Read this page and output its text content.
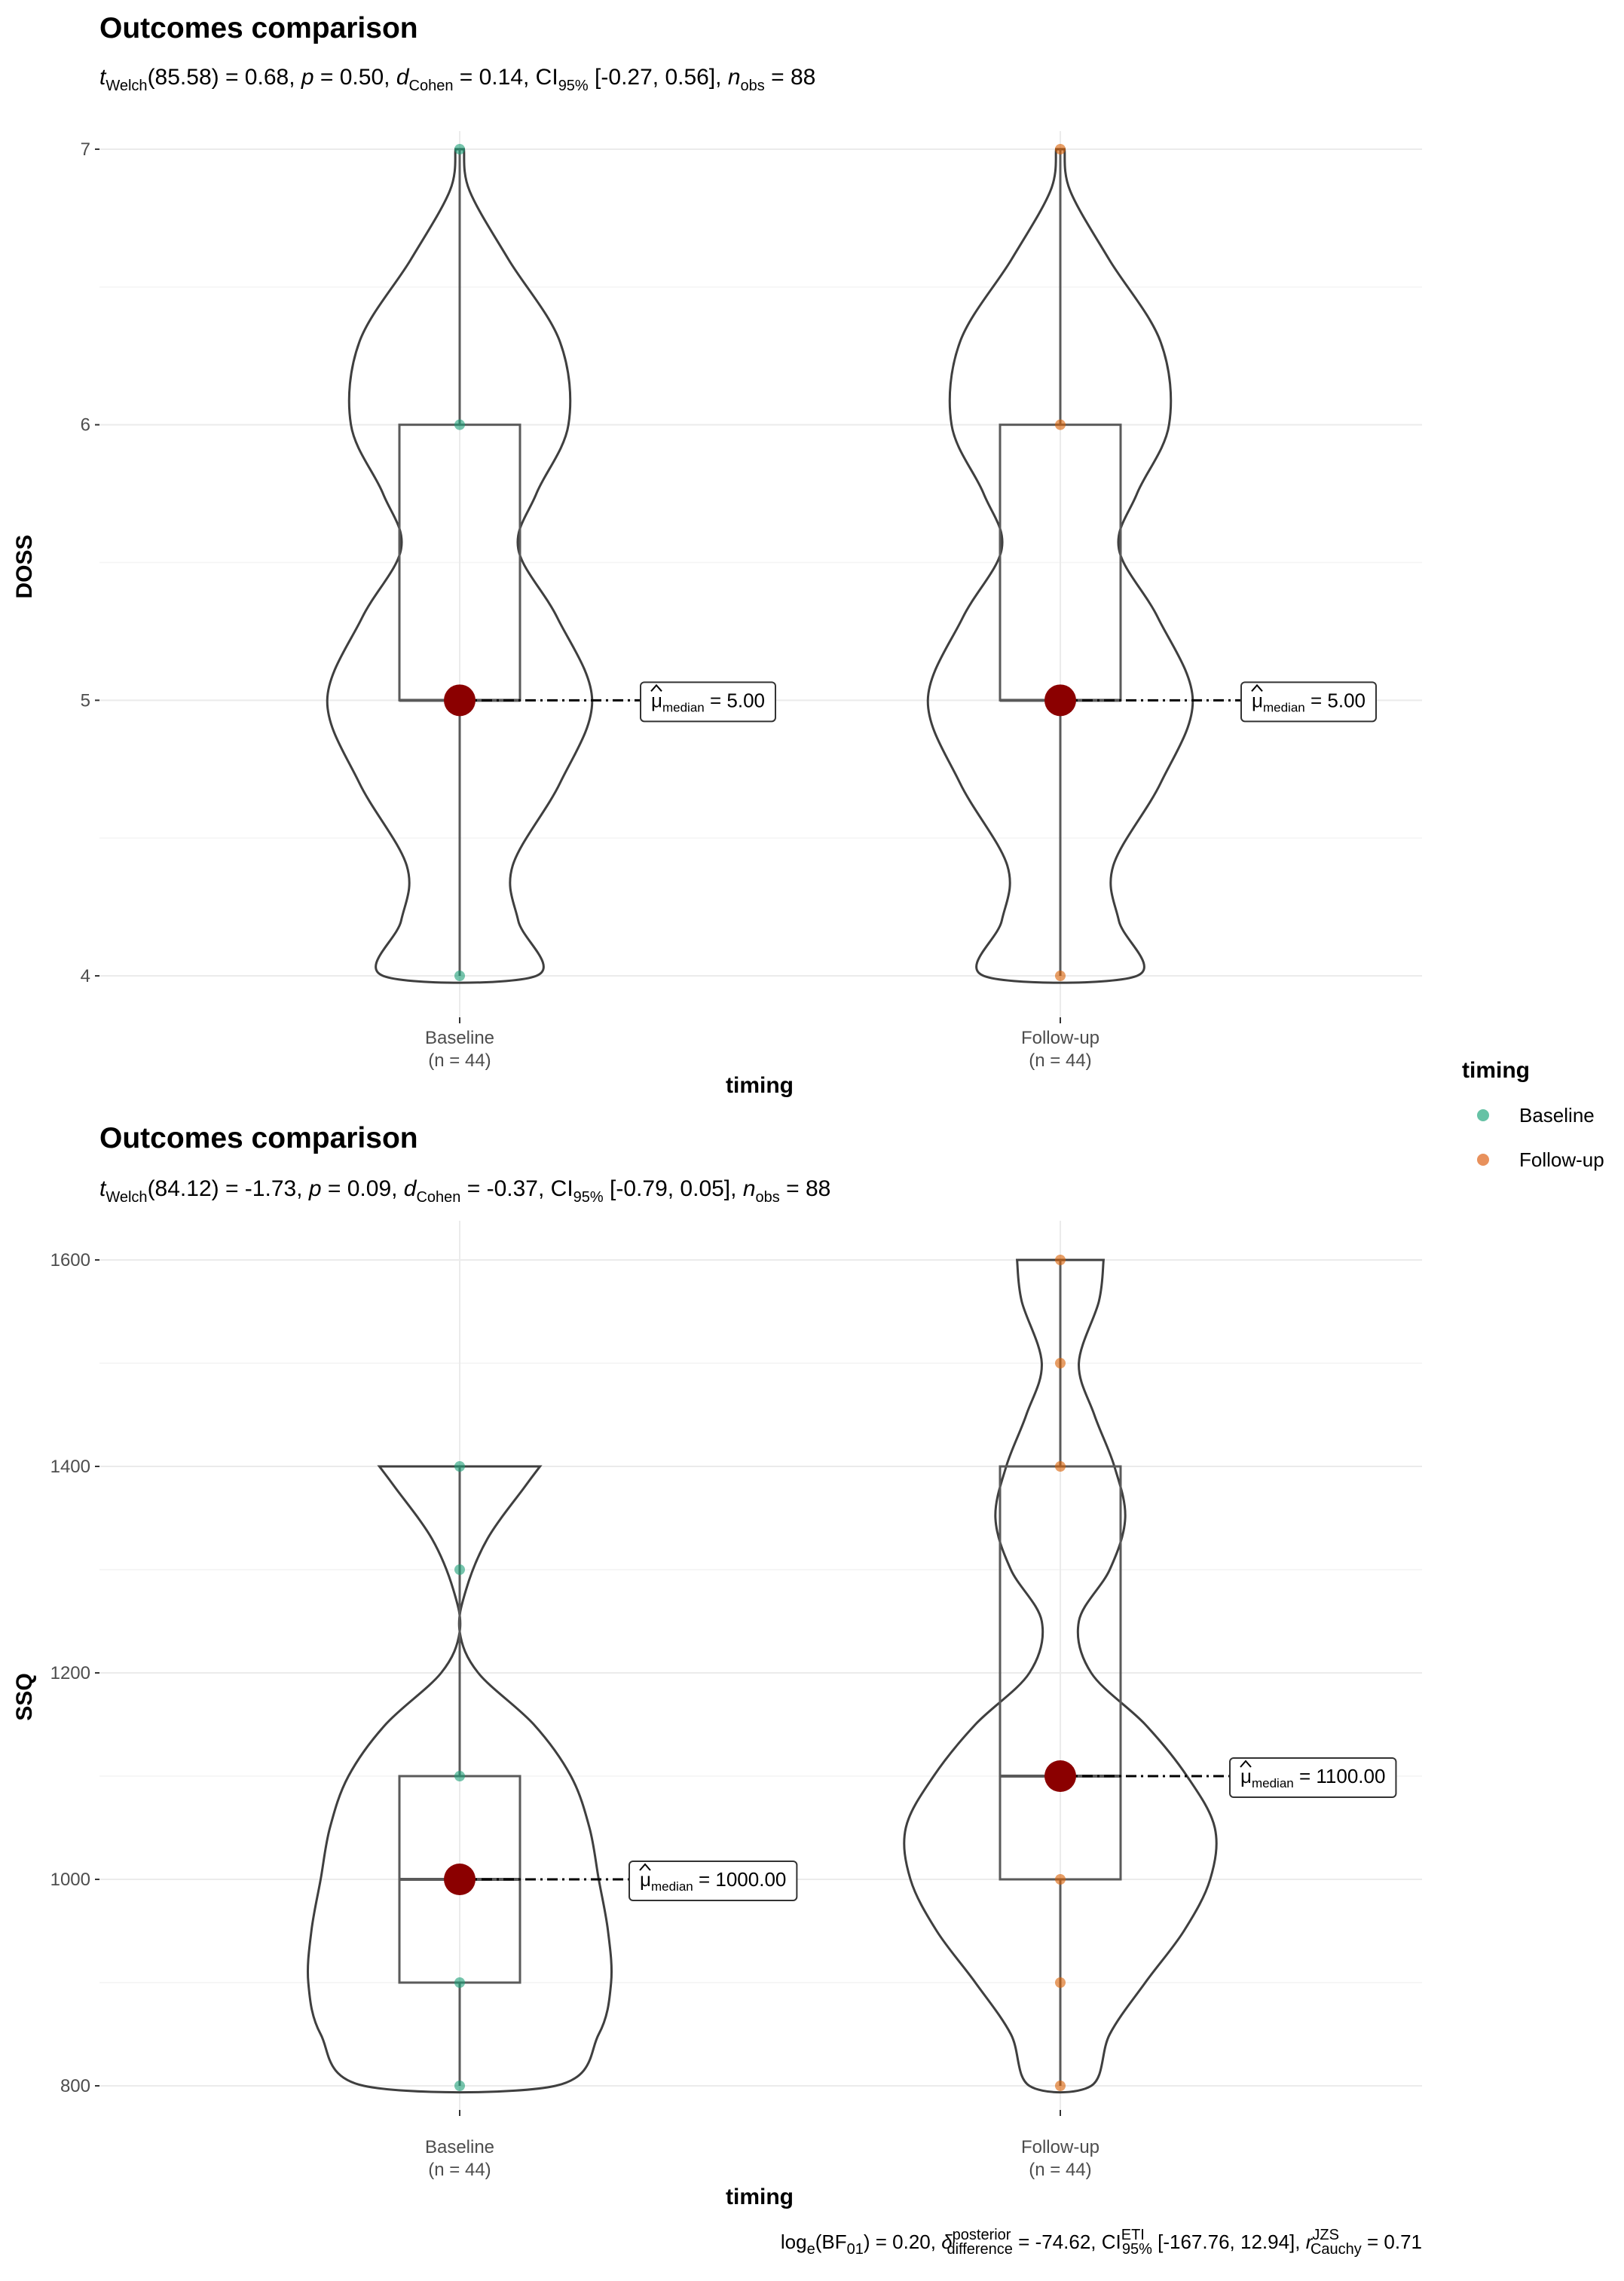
Outcomes comparison
$t_{Welch}(85.58) = 0.68$, p = 0.50, $d_{Cohen} = 0.14$, $CI_{95\%}$ [-0.27, 0.56], $n_{obs} = 88$
4
5
6
7
$\mu_{median} = 5.00$	$\mu_{median} = 5.00$
Baseline
(n = 44)
Follow-up
(n = 44)
DOSS
timing
timing
Baseline
Follow-up
Outcomes comparison
$t_{Welch}(84.12) = -1.73$, p = 0.09, $d_{Cohen} = -0.37$, $CI_{95\%}$ [-0.79, 0.05], $n_{obs} = 88$
800
1000
1200
1400
1600
$\mu_{median} = 1000.00$
$\mu_{median} = 1100.00$
Baseline
(n = 44)
Follow-up
(n = 44)
SSQ
timing
$\log_e(BF_{01}) = 0.20$, $\delta^{posterior}$ difference = -74.62, $CI^{ETI}$ 95% [-167.76, 12.94], $r^{JZS}$ Cauchy = 0.71
